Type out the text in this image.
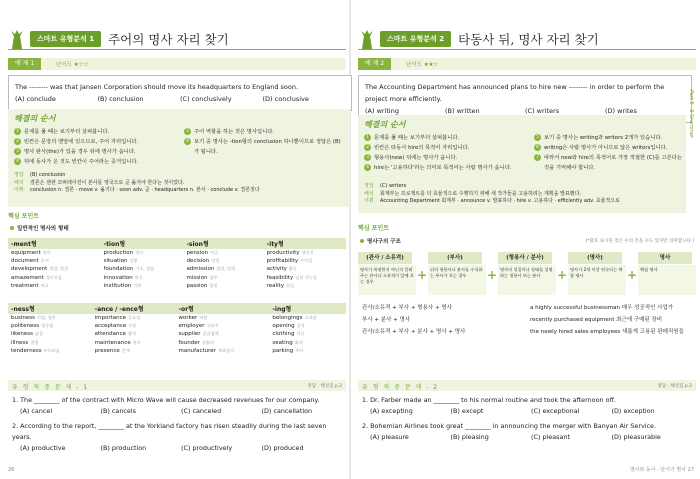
스마트 유형분석 1	주어의 명사 자리 찾기
예 제 1	난이도 ★☆☆
The -------- was that Jansen Corporation should move its headquarters to England soon.
(A) conclude	(B) conclusion	(C) conclusively	(D) conclusive
해결의 순서
1 문제를 풀 때는 보기부터 살펴봅니다.
2 빈칸은 문장의 맨앞에 있으므로, 주어 자리입니다.
3 명사 판사(the)가 있을 경우 뒤에 명사가 옵니다.
4 뒤에 동사가 온 것도 빈칸이 주어라는 증거입니다.
5 주어 역할을 하는 것은 명사입니다.
6 보기 중 명사는 -tion형의 conclusion 하나뿐이므로 정답은 (B)가 됩니다.
정답 (B) conclusion
해석 결론은 젠센 코퍼레이션이 본사를 영국으로 곧 옮겨야 한다는 것이었다.
어휘 conclusion n. 결론 · move v. 옮기다 · soon adv. 곧 · headquarters n. 본사 · conclude v. 결론짓다
핵심 포인트
일반적인 명사의 형태
-ment형	-tion형	-sion형	-ity형
equipment 장비	production 생산	pension 연금	productivity 생산성
document 문서	situation 상황	decision 결정	profitability 수익성
development 개발, 발전	foundation 기초, 설립	admission 입장, 입학	activity 활동
amazement 경이로움	innovation 혁신	mission 임무	feasibility 실현 가능성
treatment 치료	institution 기관	passion 열정	reality 현실
-ness형	-ance / -ence형	-or형	-ing형
business 사업, 업무	importance 중요성	worker 직원	belongings 소지품
politeness 정중함	acceptance 수용	employer 고용주	opening 공석
likeness 닮음	attendance 출석	supplier 공급업체	clothing 의류
illness 질병	maintenance 유지	founder 설립자	seating 좌석
tenderness 부드러움	presence 존재	manufacturer 제조업자	parking 주차
유 형 적 중 문 제 - 1	정답 · 해설집 p.2
1. The ________ of the contract with Micro Wave will cause decreased revenues for our company.
(A) cancel	(B) cancels	(C) canceled	(D) cancellation
2. According to the report, ________ at the Yorkland factory has risen steadily during the last seven years.
(A) productive	(B) production	(C) productively	(D) produced
26
스마트 유형분석 2	타동사 뒤, 명사 자리 찾기
예 제 2	난이도 ★★☆
The Accounting Department has announced plans to hire new -------- in order to perform the project more efficiently.
(A) writing	(B) written	(C) writers	(D) writes	Part 5 · 6 Grammar
해결의 순서
1 문제를 풀 때는 보기부터 살펴봅니다.
2 빈칸은 타동사 hire의 목적어 자리입니다.
3 형용사(new) 뒤에는 명사가 옵니다.
4 hire는 '고용하다'라는 의미로 목적어는 사람 명사가 옵니다.
5 보기 중 명사는 writing과 writers 2개가 있습니다.
6 writing은 사람 명사가 아니므로 답은 writers입니다.
7 따라서 new와 hire의 목적어로 가장 적절한 (C)를 고른다는 것을 기억해야 합니다.
정답 (C) writers
해석 회계부는 프로젝트를 더 효율적으로 수행하기 위해 새 작가들을 고용하려는 계획을 발표했다.
어휘 Accounting Department 회계부 · announce v. 발표하다 · hire v. 고용하다 · efficiently adv. 효율적으로
핵심 포인트
명사구의 구조	(*괄호 표시된 것은 수의 것을 수도 있지만 의미합니다.)
(관사 / 소유격)	(부사)	(형용사 / 분사)	(명사)	명사
명사가 특정한지 아닌지 알려주는 관사나 소유격이 앞에 오는 경우	+ 뒤의 형용사나 분사를 수식하는 부사가 오는 경우	+ 명사의 성질이나 상태를 설명하는 형용사 또는 분사	+ 명사가 2개 이상 연속되는 복합 명사	+ 핵심 명사
관사/소유격 + 부사 + 형용사 + 명사	a highly successful businessman 매우 성공적인 사업가
부사 + 분사 + 명사	recently purchased equipment 최근에 구매된 장비
관사/소유격 + 부사 + 분사 + 명사 + 명사	the newly hired sales employees 새롭게 고용된 판매직원들
유 형 적 중 문 제 - 2	정답 · 해설집 p.2
1. Dr. Farber made an ________ to his normal routine and took the afternoon off.
(A) excepting	(B) except	(C) exceptional	(D) exception
2. Bohemian Airlines took great ________ in announcing the merger with Banyan Air Service.
(A) pleasure	(B) pleasing	(C) pleasant	(D) pleasurable
명사와 동사 · 단어기 명사 27
